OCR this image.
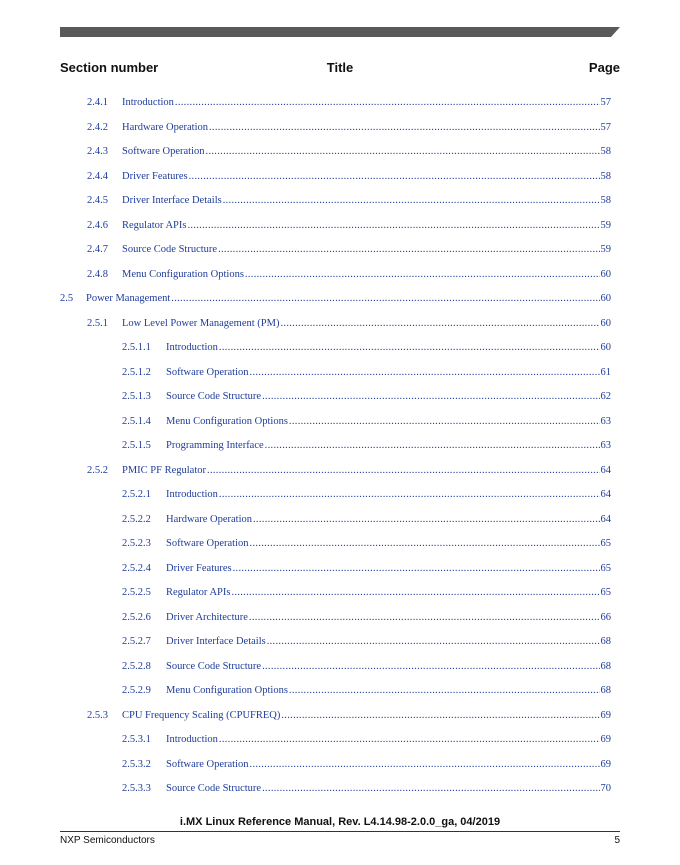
Section number	Title	Page
2.4.1	Introduction .....	57
2.4.2	Hardware Operation .....	57
2.4.3	Software Operation .....	58
2.4.4	Driver Features .....	58
2.4.5	Driver Interface Details .....	58
2.4.6	Regulator APIs .....	59
2.4.7	Source Code Structure .....	59
2.4.8	Menu Configuration Options .....	60
2.5	Power Management .....	60
2.5.1	Low Level Power Management (PM) .....	60
2.5.1.1	Introduction .....	60
2.5.1.2	Software Operation .....	61
2.5.1.3	Source Code Structure .....	62
2.5.1.4	Menu Configuration Options .....	63
2.5.1.5	Programming Interface .....	63
2.5.2	PMIC PF Regulator .....	64
2.5.2.1	Introduction .....	64
2.5.2.2	Hardware Operation .....	64
2.5.2.3	Software Operation .....	65
2.5.2.4	Driver Features .....	65
2.5.2.5	Regulator APIs .....	65
2.5.2.6	Driver Architecture .....	66
2.5.2.7	Driver Interface Details .....	68
2.5.2.8	Source Code Structure .....	68
2.5.2.9	Menu Configuration Options .....	68
2.5.3	CPU Frequency Scaling (CPUFREQ) .....	69
2.5.3.1	Introduction .....	69
2.5.3.2	Software Operation .....	69
2.5.3.3	Source Code Structure .....	70
i.MX Linux Reference Manual, Rev. L4.14.98-2.0.0_ga, 04/2019
NXP Semiconductors	5
